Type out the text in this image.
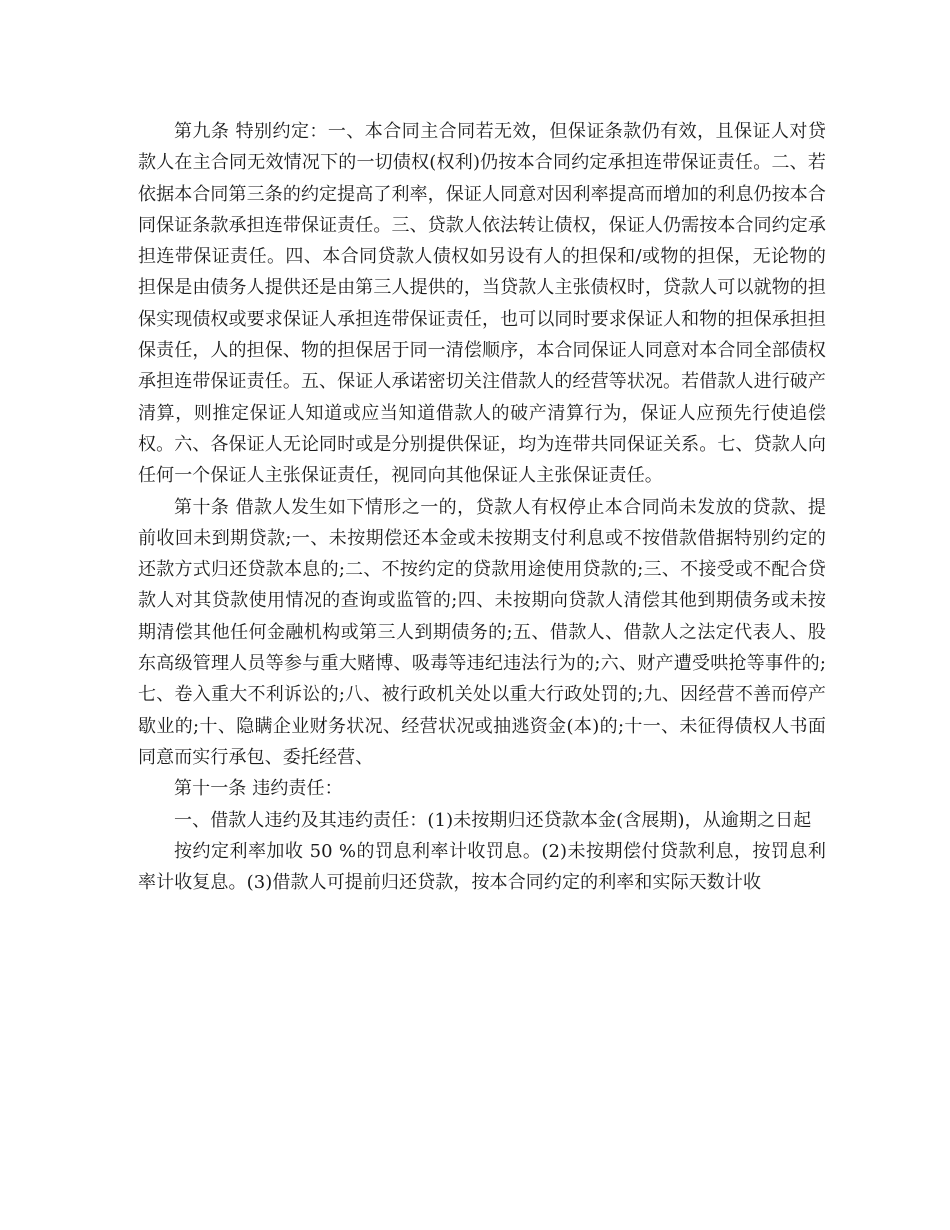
第九条 特别约定：一、本合同主合同若无效，但保证条款仍有效，且保证人对贷款人在主合同无效情况下的一切债权(权利)仍按本合同约定承担连带保证责任。二、若依据本合同第三条的约定提高了利率，保证人同意对因利率提高而增加的利息仍按本合同保证条款承担连带保证责任。三、贷款人依法转让债权，保证人仍需按本合同约定承担连带保证责任。四、本合同贷款人债权如另设有人的担保和/或物的担保，无论物的担保是由债务人提供还是由第三人提供的，当贷款人主张债权时，贷款人可以就物的担保实现债权或要求保证人承担连带保证责任，也可以同时要求保证人和物的担保承担担保责任，人的担保、物的担保居于同一清偿顺序，本合同保证人同意对本合同全部债权承担连带保证责任。五、保证人承诺密切关注借款人的经营等状况。若借款人进行破产清算，则推定保证人知道或应当知道借款人的破产清算行为，保证人应预先行使追偿权。六、各保证人无论同时或是分别提供保证，均为连带共同保证关系。七、贷款人向任何一个保证人主张保证责任，视同向其他保证人主张保证责任。

第十条 借款人发生如下情形之一的，贷款人有权停止本合同尚未发放的贷款、提前收回未到期贷款;一、未按期偿还本金或未按期支付利息或不按借款借据特别约定的还款方式归还贷款本息的;二、不按约定的贷款用途使用贷款的;三、不接受或不配合贷款人对其贷款使用情况的查询或监管的;四、未按期向贷款人清偿其他到期债务或未按期清偿其他任何金融机构或第三人到期债务的;五、借款人、借款人之法定代表人、股东高级管理人员等参与重大赌博、吸毒等违纪违法行为的;六、财产遭受哄抢等事件的;七、卷入重大不利诉讼的;八、被行政机关处以重大行政处罚的;九、因经营不善而停产歇业的;十、隐瞒企业财务状况、经营状况或抽逃资金(本)的;十一、未征得债权人书面同意而实行承包、委托经营、

第十一条 违约责任：

一、借款人违约及其违约责任：(1)未按期归还贷款本金(含展期)，从逾期之日起

按约定利率加收 50 %的罚息利率计收罚息。(2)未按期偿付贷款利息，按罚息利率计收复息。(3)借款人可提前归还贷款，按本合同约定的利率和实际天数计收
